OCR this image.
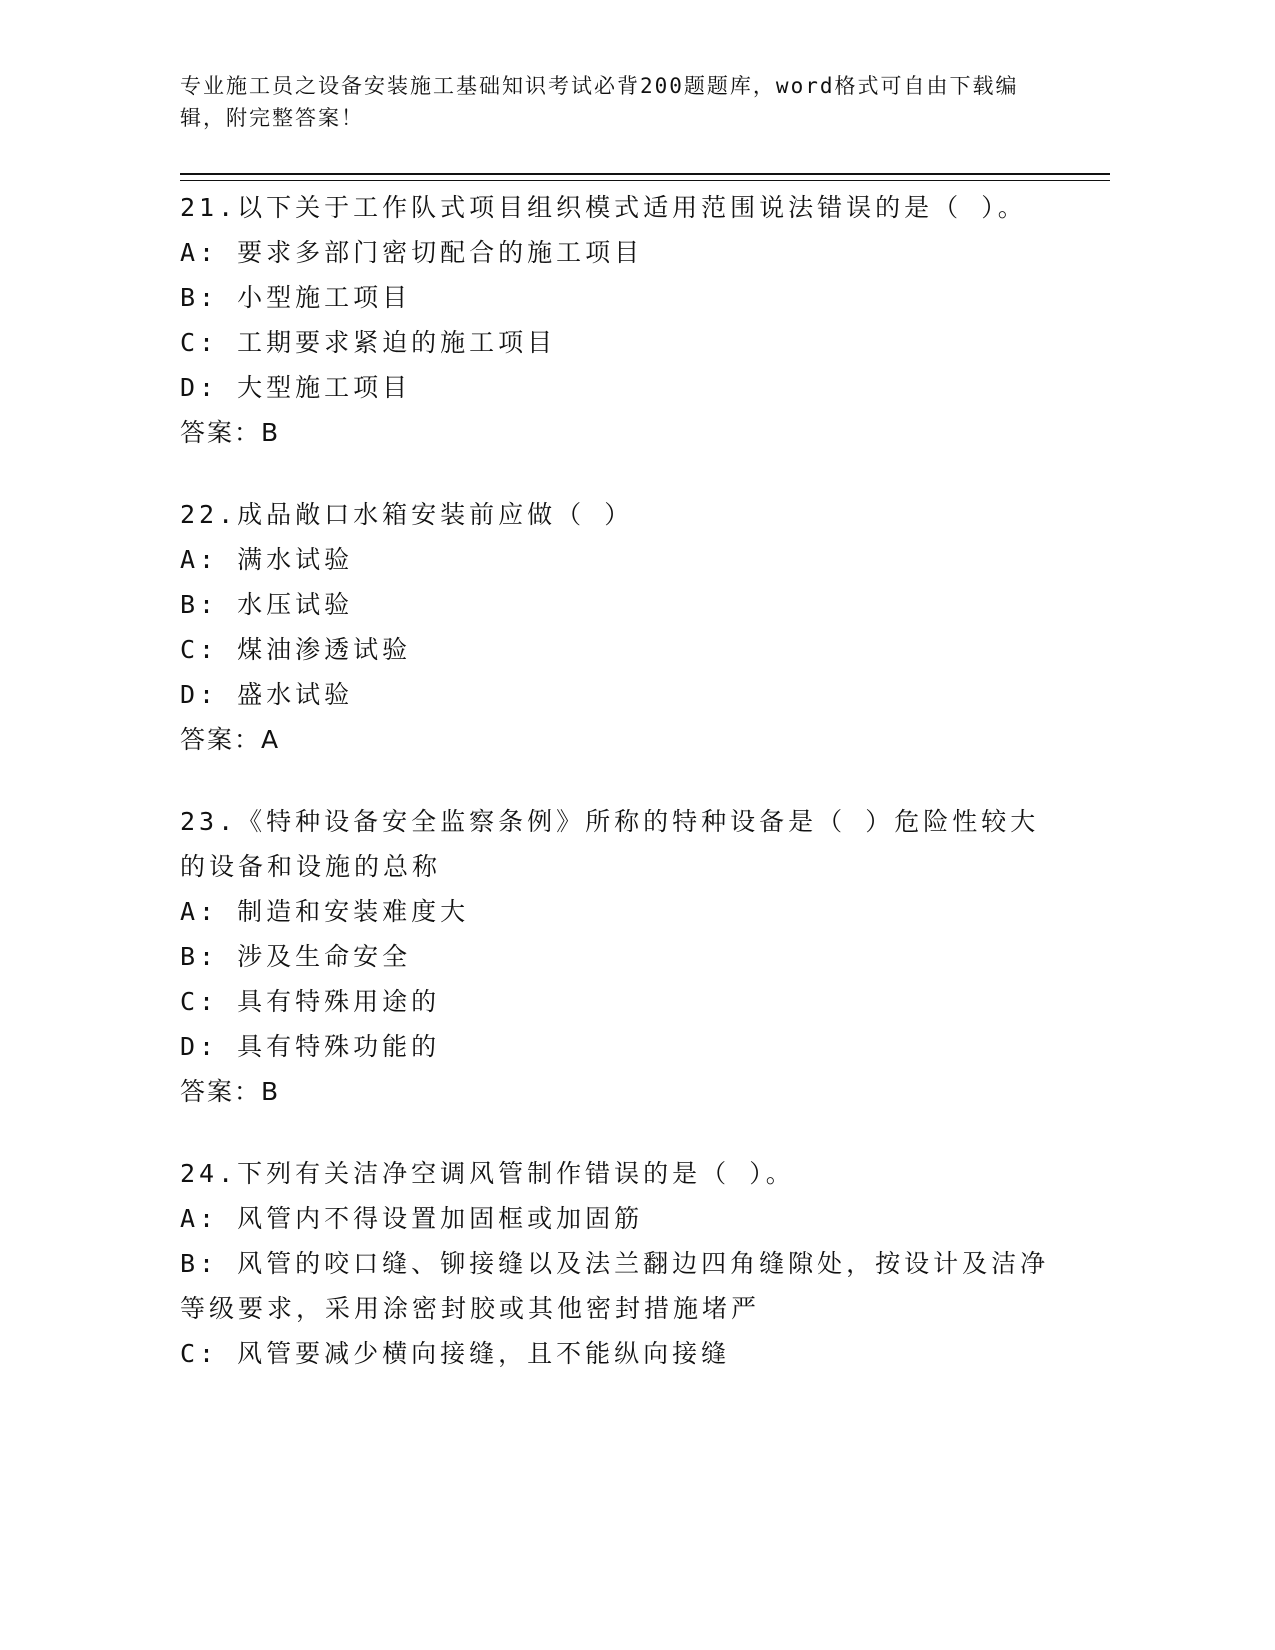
专业施工员之设备安装施工基础知识考试必背200题题库，word格式可自由下载编辑，附完整答案！
21.以下关于工作队式项目组织模式适用范围说法错误的是（ ）。
A: 要求多部门密切配合的施工项目
B: 小型施工项目
C: 工期要求紧迫的施工项目
D: 大型施工项目
答案：B
22.成品敞口水箱安装前应做（ ）
A: 满水试验
B: 水压试验
C: 煤油渗透试验
D: 盛水试验
答案：A
23.《特种设备安全监察条例》所称的特种设备是（ ）危险性较大的设备和设施的总称
A: 制造和安装难度大
B: 涉及生命安全
C: 具有特殊用途的
D: 具有特殊功能的
答案：B
24.下列有关洁净空调风管制作错误的是（ ）。
A: 风管内不得设置加固框或加固筋
B: 风管的咬口缝、铆接缝以及法兰翻边四角缝隙处，按设计及洁净等级要求，采用涂密封胶或其他密封措施堵严
C: 风管要减少横向接缝，且不能纵向接缝
